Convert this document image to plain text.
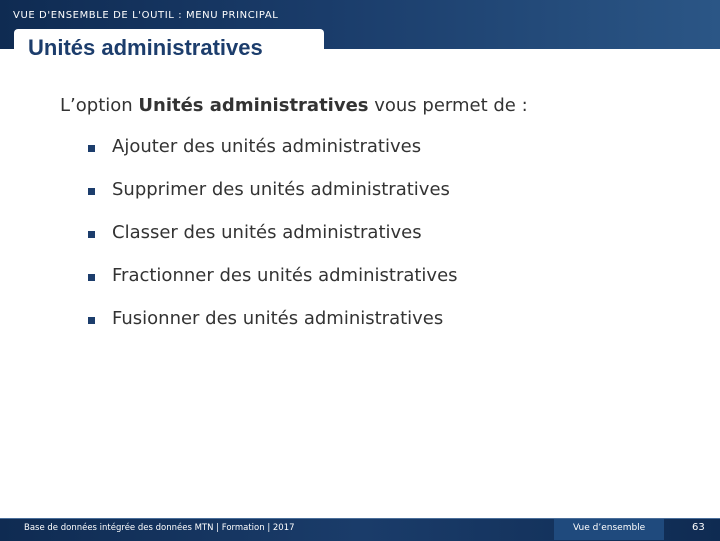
VUE D'ENSEMBLE DE L'OUTIL : MENU PRINCIPAL
Unités administratives
L’option Unités administratives vous permet de :
Ajouter des unités administratives
Supprimer des unités administratives
Classer des unités administratives
Fractionner des unités administratives
Fusionner des unités administratives
Base de données intégrée des données MTN | Formation | 2017	Vue d’ensemble	63
